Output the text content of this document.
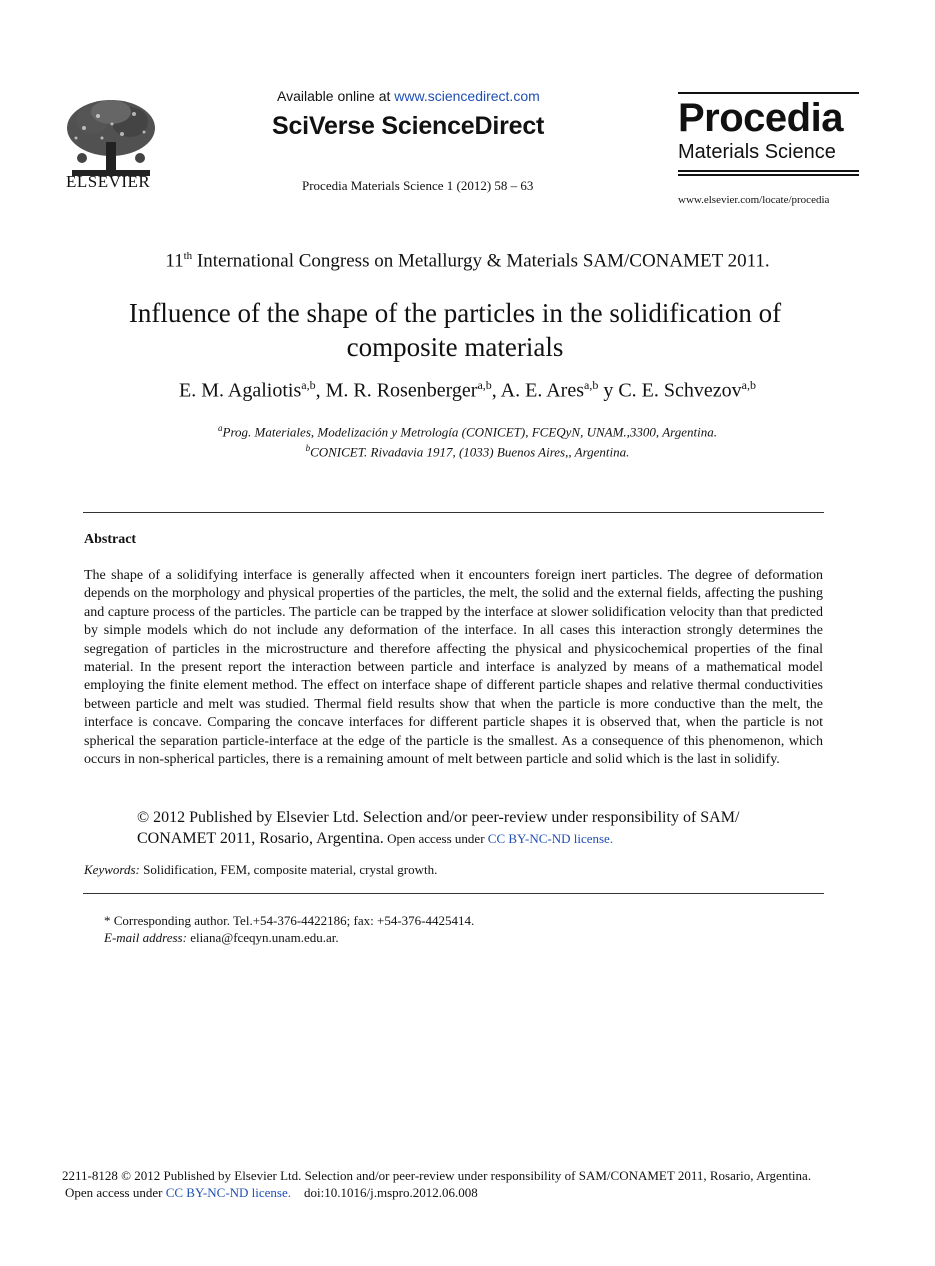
ELSEVIER
Available online at www.sciencedirect.com
SciVerse ScienceDirect
Procedia Materials Science 1 (2012) 58 – 63
Procedia
Materials Science
www.elsevier.com/locate/procedia
11th International Congress on Metallurgy & Materials SAM/CONAMET 2011.
Influence of the shape of the particles in the solidification of composite materials
E. M. Agaliotis$^{a,b}$, M. R. Rosenberger$^{a,b}$, A. E. Ares$^{a,b}$ y C. E. Schvezov$^{a,b}$
$^a$Prog. Materiales, Modelización y Metrología (CONICET), FCEQyN, UNAM.,3300, Argentina.
$^b$CONICET. Rivadavia 1917, (1033) Buenos Aires,, Argentina.
Abstract
The shape of a solidifying interface is generally affected when it encounters foreign inert particles. The degree of deformation depends on the morphology and physical properties of the particles, the melt, the solid and the external fields, affecting the pushing and capture process of the particles. The particle can be trapped by the interface at slower solidification velocity than that predicted by simple models which do not include any deformation of the interface. In all cases this interaction strongly determines the segregation of particles in the microstructure and therefore affecting the physical and physicochemical properties of the final material. In the present report the interaction between particle and interface is analyzed by means of a mathematical model employing the finite element method. The effect on interface shape of different particle shapes and relative thermal conductivities between particle and melt was studied. Thermal field results show that when the particle is more conductive than the melt, the interface is concave. Comparing the concave interfaces for different particle shapes it is observed that, when the particle is not spherical the separation particle-interface at the edge of the particle is the smallest. As a consequence of this phenomenon, which occurs in non-spherical particles, there is a remaining amount of melt between particle and solid which is the last in solidify.
© 2012 Published by Elsevier Ltd. Selection and/or peer-review under responsibility of SAM/
CONAMET 2011, Rosario, Argentina. Open access under CC BY-NC-ND license.
Keywords: Solidification, FEM, composite material, crystal growth.
* Corresponding author. Tel.+54-376-4422186; fax: +54-376-4425414.
E-mail address: eliana@fceqyn.unam.edu.ar.
2211-8128 © 2012 Published by Elsevier Ltd. Selection and/or peer-review under responsibility of SAM/CONAMET 2011, Rosario, Argentina.
Open access under CC BY-NC-ND license. doi:10.1016/j.mspro.2012.06.008
